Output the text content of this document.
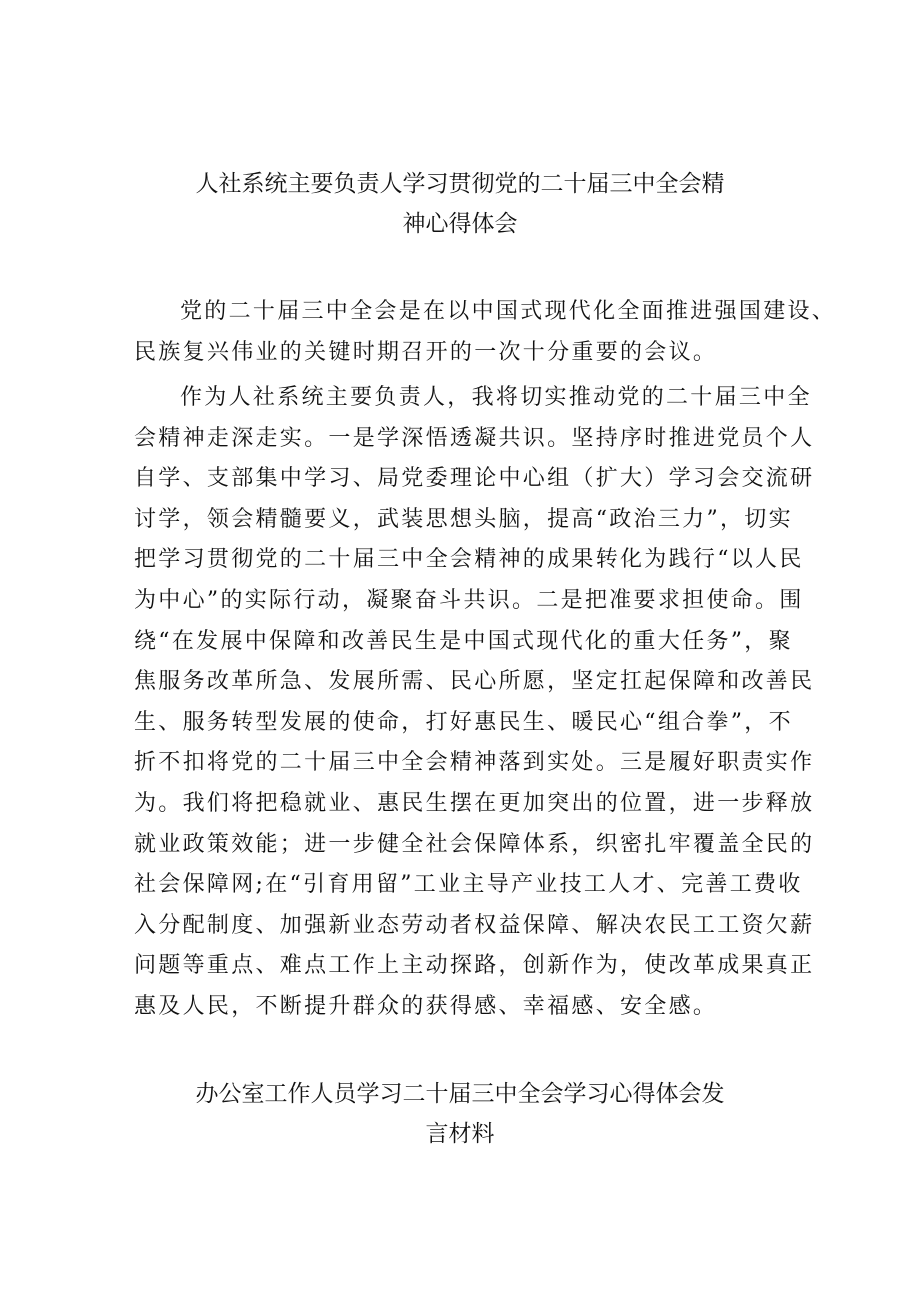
人社系统主要负责人学习贯彻党的二十届三中全会精
神心得体会
党的二十届三中全会是在以中国式现代化全面推进强国建设、
民族复兴伟业的关键时期召开的一次十分重要的会议。
作为人社系统主要负责人，我将切实推动党的二十届三中全
会精神走深走实。一是学深悟透凝共识。坚持序时推进党员个人
自学、支部集中学习、局党委理论中心组（扩大）学习会交流研
讨学，领会精髓要义，武装思想头脑，提高“政治三力”，切实
把学习贯彻党的二十届三中全会精神的成果转化为践行“以人民
为中心”的实际行动，凝聚奋斗共识。二是把准要求担使命。围
绕“在发展中保障和改善民生是中国式现代化的重大任务”，聚
焦服务改革所急、发展所需、民心所愿，坚定扛起保障和改善民
生、服务转型发展的使命，打好惠民生、暖民心“组合拳”，不
折不扣将党的二十届三中全会精神落到实处。三是履好职责实作
为。我们将把稳就业、惠民生摆在更加突出的位置，进一步释放
就业政策效能；进一步健全社会保障体系，织密扎牢覆盖全民的
社会保障网;在“引育用留”工业主导产业技工人才、完善工费收
入分配制度、加强新业态劳动者权益保障、解决农民工工资欠薪
问题等重点、难点工作上主动探路，创新作为，使改革成果真正
惠及人民，不断提升群众的获得感、幸福感、安全感。
办公室工作人员学习二十届三中全会学习心得体会发
言材料
